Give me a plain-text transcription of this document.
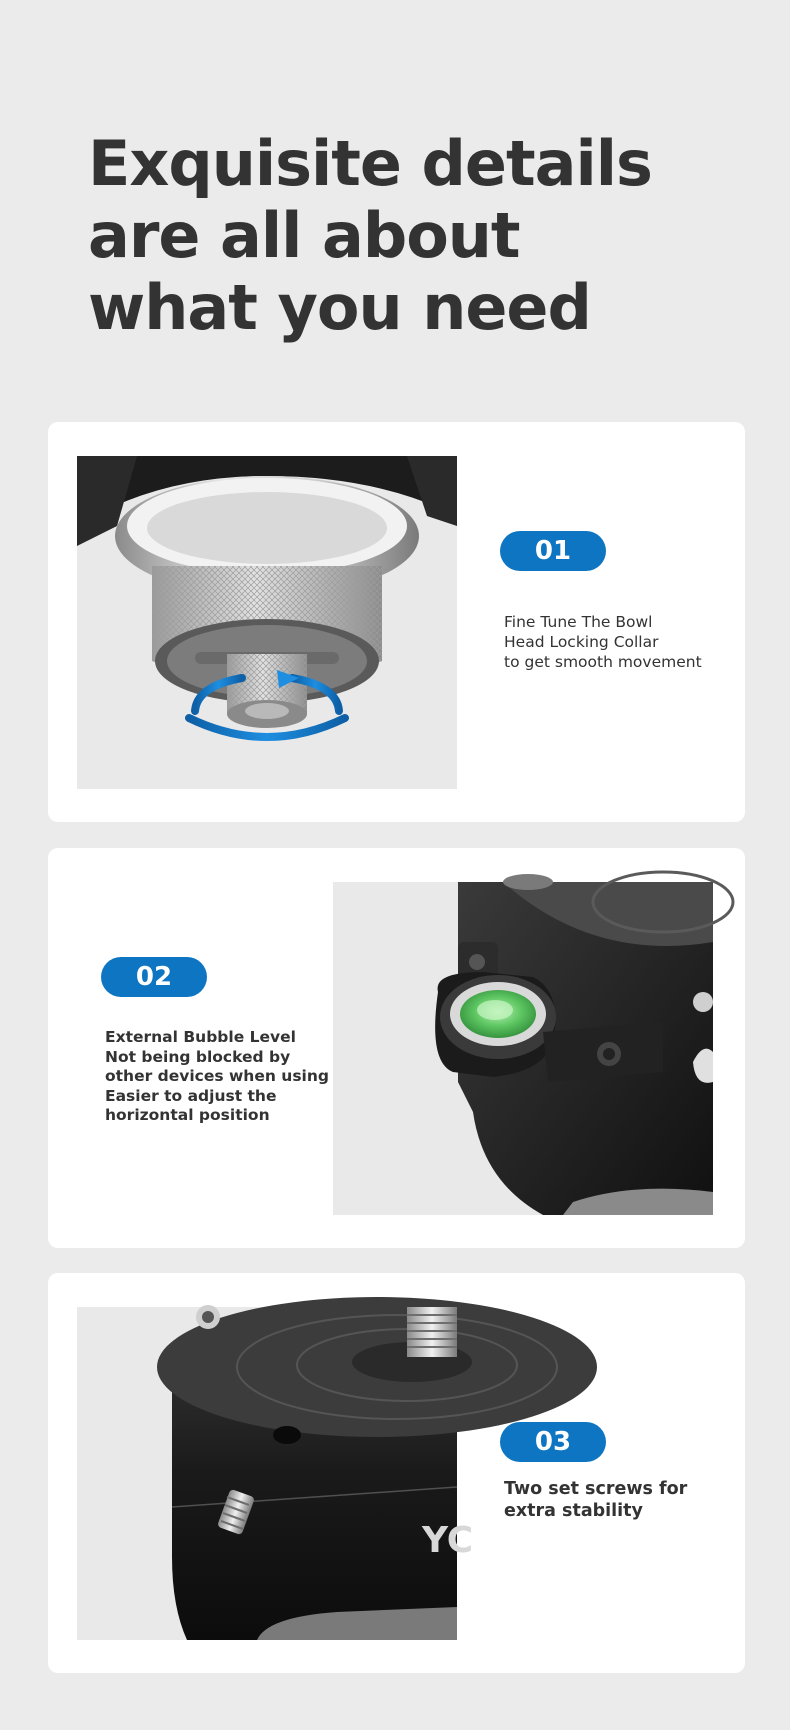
Exquisite details
are all about
what you need
01
Fine Tune The Bowl
Head Locking Collar
to get smooth movement
02
External Bubble Level
Not being blocked by
other devices when using
Easier to adjust the
horizontal position
YC
03
Two set screws for
extra stability
